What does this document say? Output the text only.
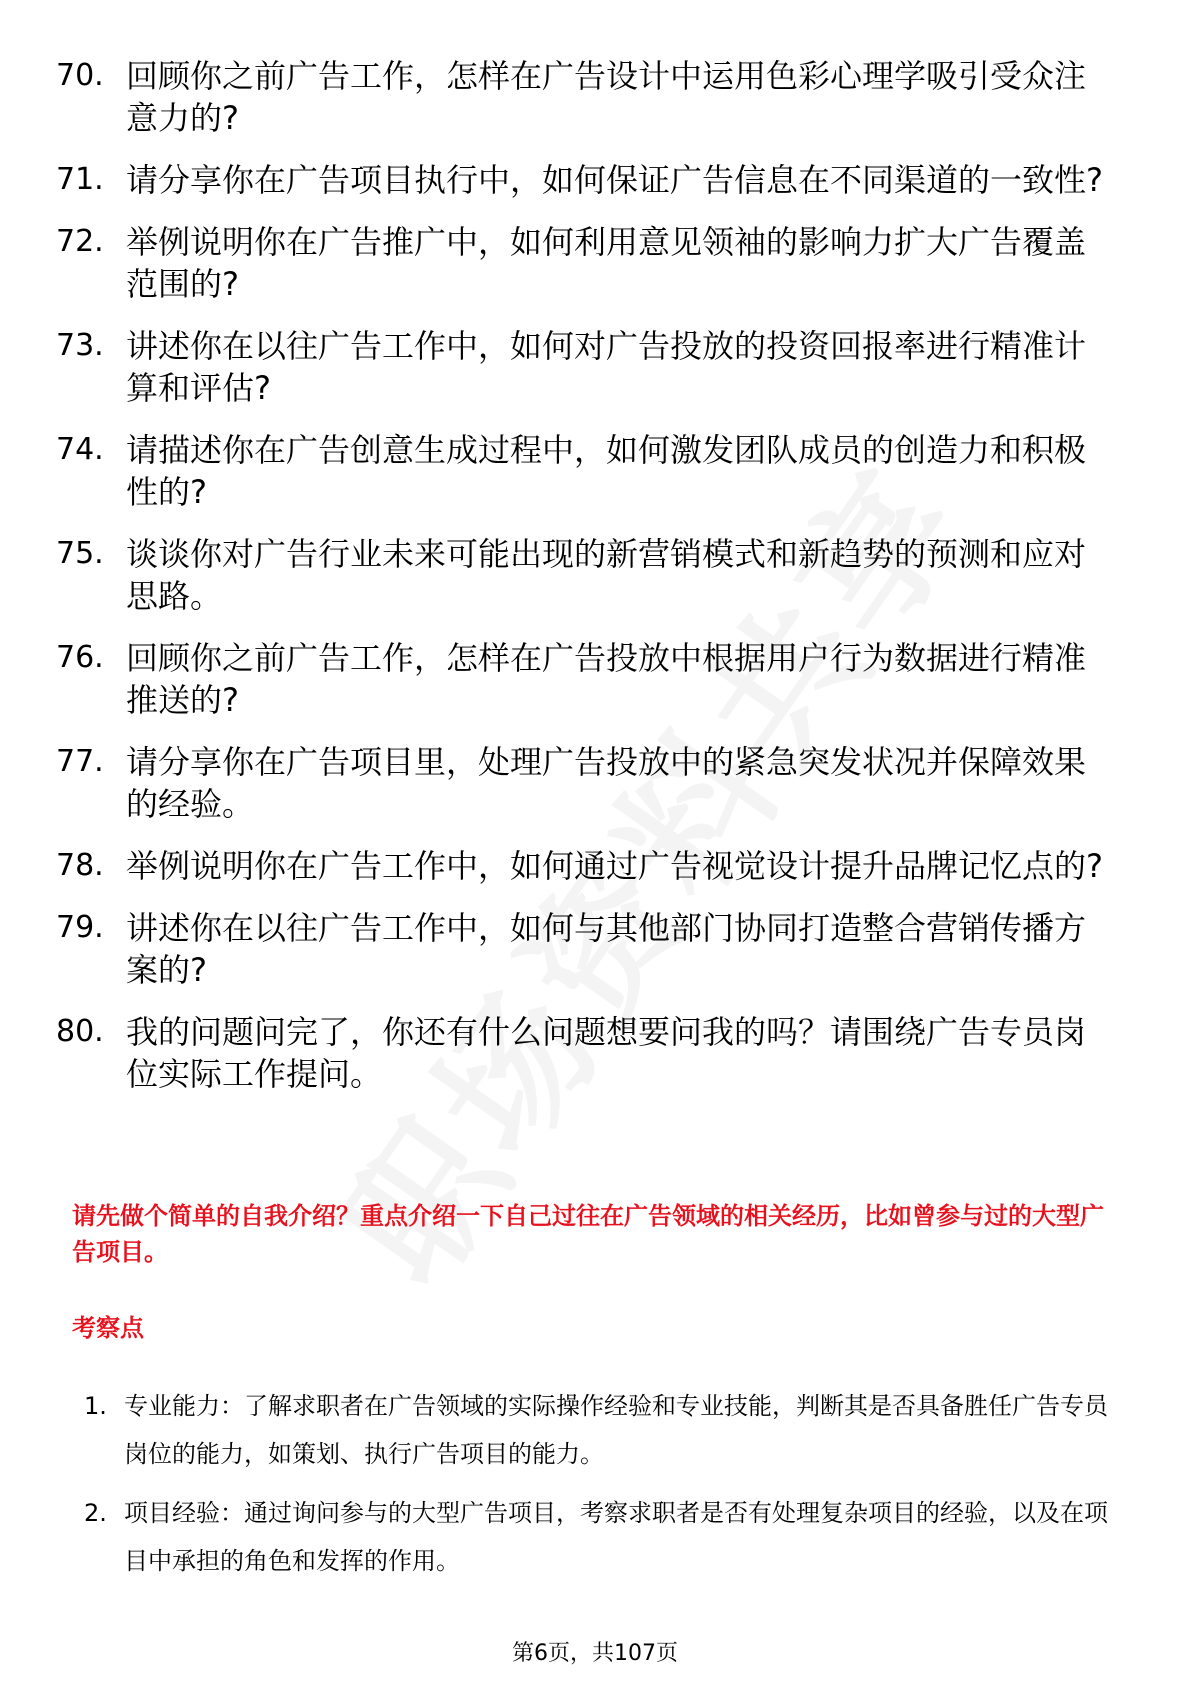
70. 回顾你之前广告工作，怎样在广告设计中运用色彩心理学吸引受众注意力的?
71. 请分享你在广告项目执行中，如何保证广告信息在不同渠道的一致性?
72. 举例说明你在广告推广中，如何利用意见领袖的影响力扩大广告覆盖范围的?
73. 讲述你在以往广告工作中，如何对广告投放的投资回报率进行精准计算和评估?
74. 请描述你在广告创意生成过程中，如何激发团队成员的创造力和积极性的?
75. 谈谈你对广告行业未来可能出现的新营销模式和新趋势的预测和应对思路。
76. 回顾你之前广告工作，怎样在广告投放中根据用户行为数据进行精准推送的?
77. 请分享你在广告项目里，处理广告投放中的紧急突发状况并保障效果的经验。
78. 举例说明你在广告工作中，如何通过广告视觉设计提升品牌记忆点的?
79. 讲述你在以往广告工作中，如何与其他部门协同打造整合营销传播方案的?
80. 我的问题问完了，你还有什么问题想要问我的吗？请围绕广告专员岗位实际工作提问。
请先做个简单的自我介绍？重点介绍一下自己过往在广告领域的相关经历，比如曾参与过的大型广告项目。
考察点
1. 专业能力：了解求职者在广告领域的实际操作经验和专业技能，判断其是否具备胜任广告专员岗位的能力，如策划、执行广告项目的能力。
2. 项目经验：通过询问参与的大型广告项目，考察求职者是否有处理复杂项目的经验，以及在项目中承担的角色和发挥的作用。
第6页，共107页
